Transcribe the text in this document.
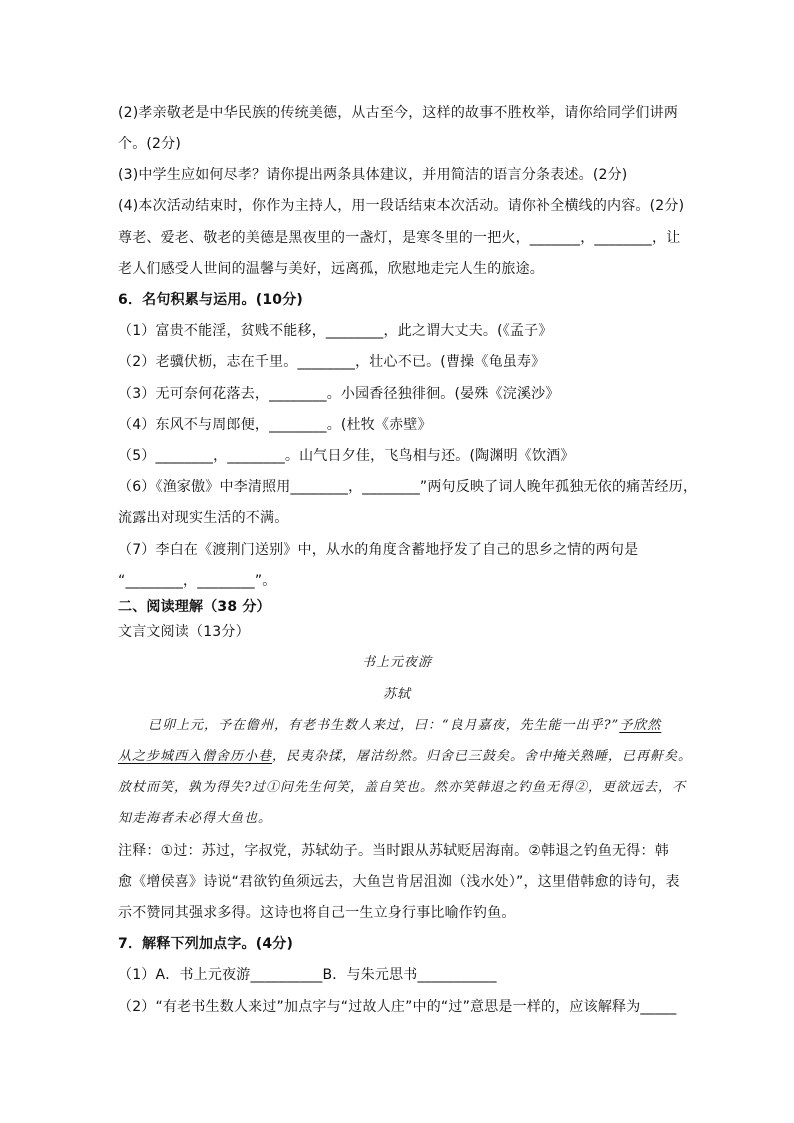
(2)孝亲敬老是中华民族的传统美德，从古至今，这样的故事不胜枚举，请你给同学们讲两
个。(2分)
(3)中学生应如何尽孝？请你提出两条具体建议，并用简洁的语言分条表述。(2分)
(4)本次活动结束时，你作为主持人，用一段话结束本次活动。请你补全横线的内容。(2分)
尊老、爱老、敬老的美德是黑夜里的一盏灯，是寒冬里的一把火，_______，________，让
老人们感受人世间的温馨与美好，远离孤，欣慰地走完人生的旅途。
6．名句积累与运用。(10分)
（1）富贵不能淫，贫贱不能移，________，此之谓大丈夫。(《孟子》
（2）老骥伏枥，志在千里。________，壮心不已。(曹操《龟虽寿》
（3）无可奈何花落去，________。小园香径独徘徊。(晏殊《浣溪沙》
（4）东风不与周郎便，________。(杜牧《赤壁》
（5）________，________。山气日夕佳，飞鸟相与还。(陶渊明《饮酒》
（6）《渔家傲》中李清照用________，________”两句反映了词人晚年孤独无依的痛苦经历，
流露出对现实生活的不满。
（7）李白在《渡荆门送别》中，从水的角度含蓄地抒发了自己的思乡之情的两句是
“________，________”。
二、阅读理解（38 分）
文言文阅读（13分）
书上元夜游
苏轼
已卯上元，予在儋州，有老书生数人来过，曰：“良月嘉夜，先生能一出乎?”予欣然
从之步城西入僧舍历小巷，民夷杂揉，屠沽纷然。归舍已三鼓矣。舍中掩关熟睡，已再鼾矣。
放杖而笑，孰为得失?过①问先生何笑，盖自笑也。然亦笑韩退之钓鱼无得②，更欲远去，不
知走海者未必得大鱼也。
注释：①过：苏过，字叔党，苏轼幼子。当时跟从苏轼贬居海南。②韩退之钓鱼无得：韩
愈《增侯喜》诗说“君欲钓鱼须远去，大鱼岂肯居沮洳（浅水处）”，这里借韩愈的诗句，表
示不赞同其强求多得。这诗也将自己一生立身行事比喻作钓鱼。
7．解释下列加点字。(4分)
（1）A．书上元夜游__________B．与朱元思书___________
（2）“有老书生数人来过”加点字与“过故人庄”中的“过”意思是一样的，应该解释为_____
